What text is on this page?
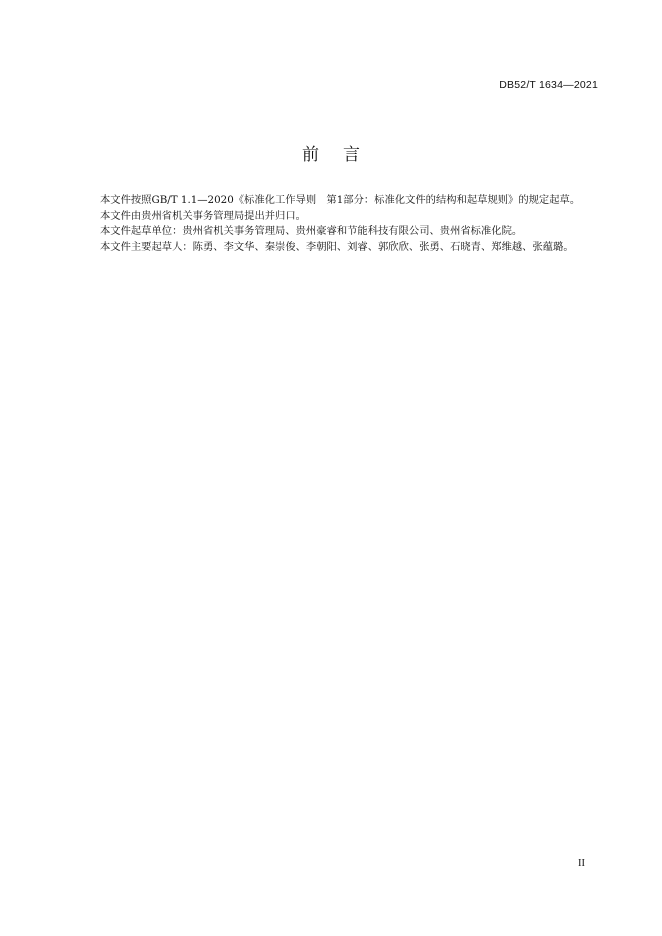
DB52/T 1634—2021
前言

本文件按照GB/T 1.1—2020《标准化工作导则　第1部分：标准化文件的结构和起草规则》的规定起草。

本文件由贵州省机关事务管理局提出并归口。

本文件起草单位：贵州省机关事务管理局、贵州豪睿和节能科技有限公司、贵州省标准化院。

本文件主要起草人：陈勇、李文华、秦崇俊、李朝阳、刘睿、郭欣欣、张勇、石晓青、郑维越、张蕴璐。

II
